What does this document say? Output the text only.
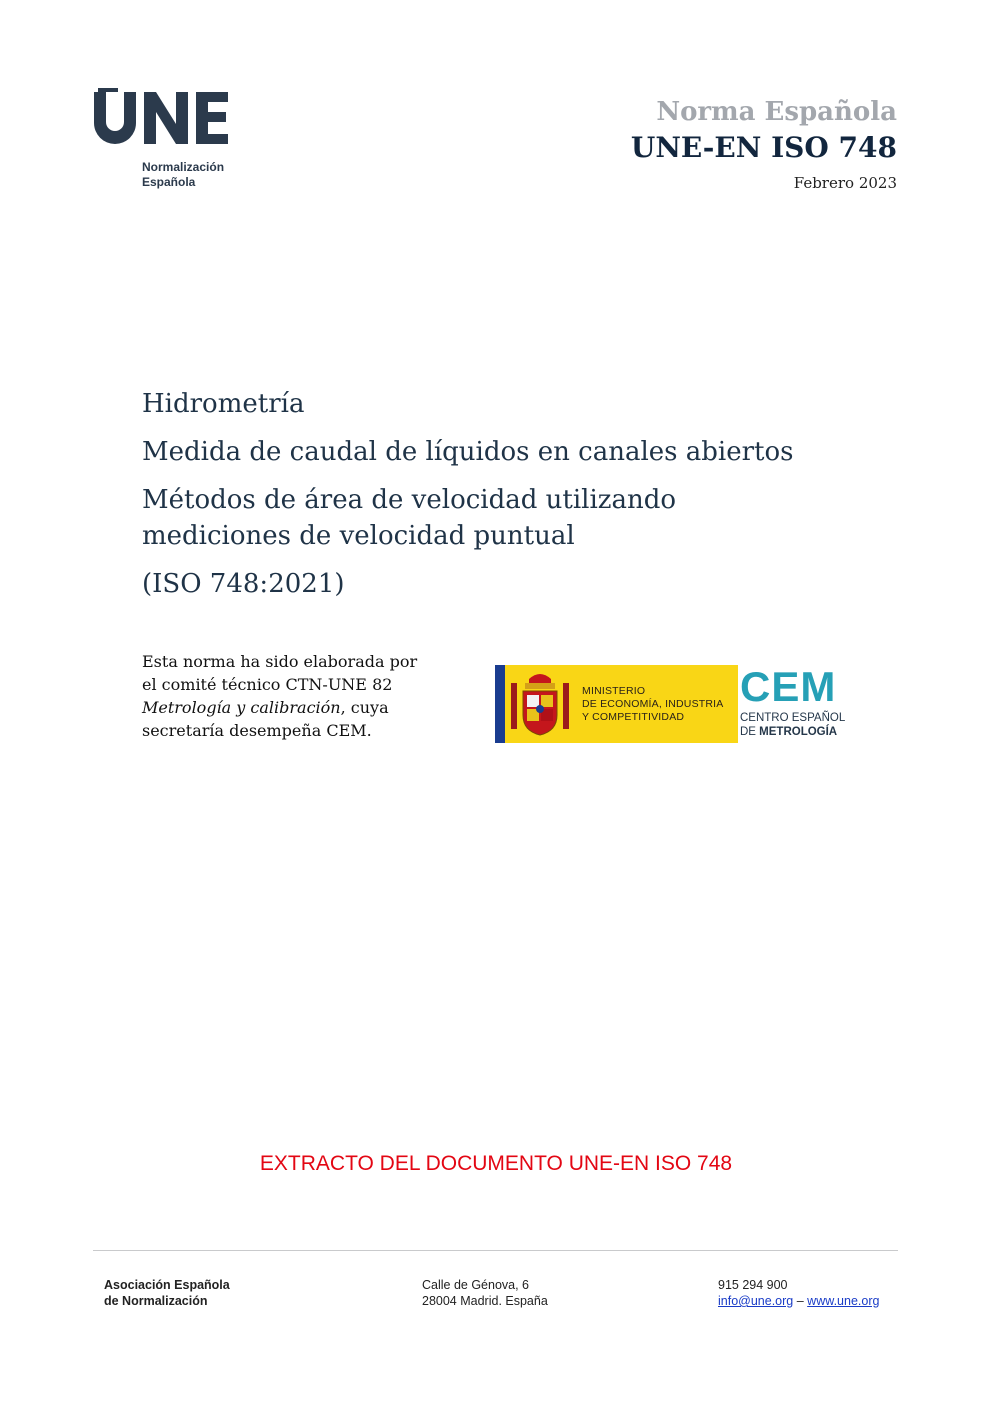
Normalización
Española
Norma Española
UNE-EN ISO 748
Febrero 2023
Hidrometría
Medida de caudal de líquidos en canales abiertos
Métodos de área de velocidad utilizando mediciones de velocidad puntual
(ISO 748:2021)
Esta norma ha sido elaborada por
el comité técnico CTN-UNE 82
Metrología y calibración, cuya
secretaría desempeña CEM.
MINISTERIO
DE ECONOMÍA, INDUSTRIA
Y COMPETITIVIDAD
CEM
CENTRO ESPAÑOL
DE METROLOGÍA
EXTRACTO DEL DOCUMENTO UNE-EN ISO 748
Asociación Española
de Normalización
Calle de Génova, 6
28004 Madrid. España
915 294 900
info@une.org – www.une.org
